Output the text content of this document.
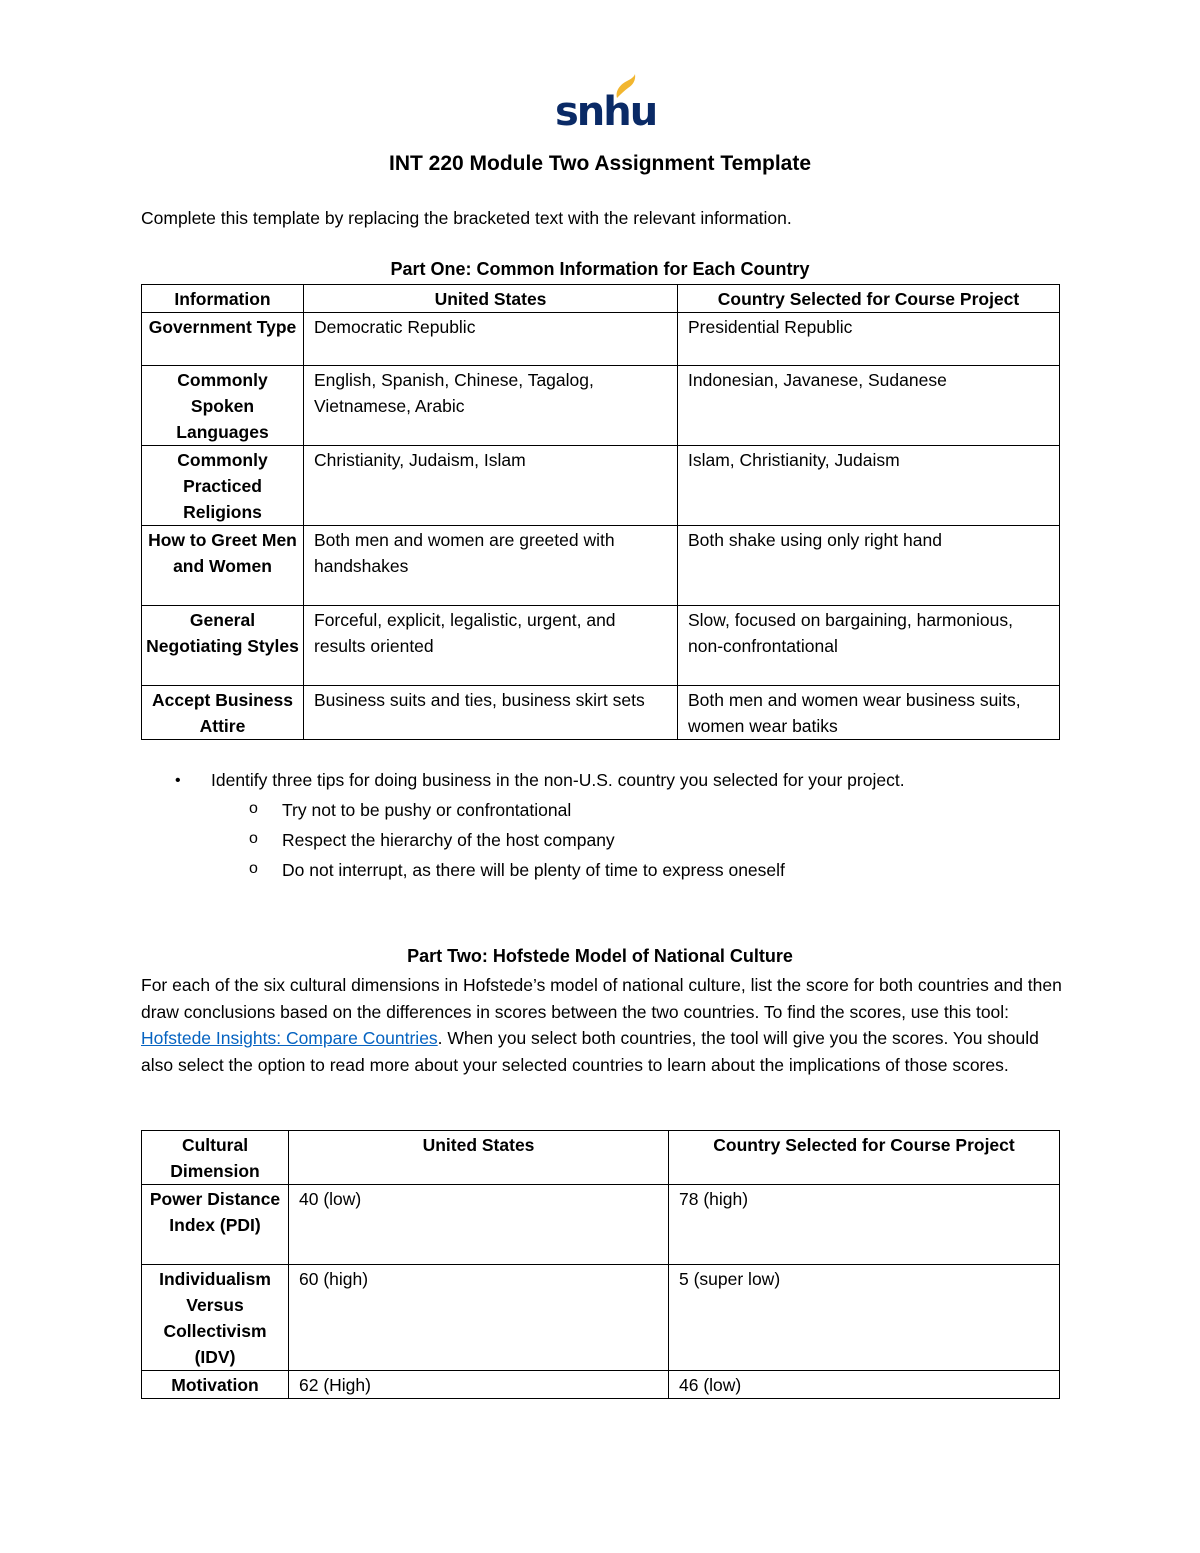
snhu
INT 220 Module Two Assignment Template

Complete this template by replacing the bracketed text with the relevant information.

Part One: Common Information for Each Country
Information	United States	Country Selected for Course Project
Government Type	Democratic Republic	Presidential Republic
Commonly Spoken Languages	English, Spanish, Chinese, Tagalog, Vietnamese, Arabic	Indonesian, Javanese, Sudanese
Commonly Practiced Religions	Christianity, Judaism, Islam	Islam, Christianity, Judaism
How to Greet Men and Women	Both men and women are greeted with handshakes	Both shake using only right hand
General Negotiating Styles	Forceful, explicit, legalistic, urgent, and results oriented	Slow, focused on bargaining, harmonious, non-confrontational
Accept Business Attire	Business suits and ties, business skirt sets	Both men and women wear business suits, women wear batiks
• Identify three tips for doing business in the non-U.S. country you selected for your project.
o Try not to be pushy or confrontational
o Respect the hierarchy of the host company
o Do not interrupt, as there will be plenty of time to express oneself
Part Two: Hofstede Model of National Culture

For each of the six cultural dimensions in Hofstede’s model of national culture, list the score for both countries and then draw conclusions based on the differences in scores between the two countries. To find the scores, use this tool: Hofstede Insights: Compare Countries. When you select both countries, the tool will give you the scores. You should also select the option to read more about your selected countries to learn about the implications of those scores.

Cultural Dimension	United States	Country Selected for Course Project
Power Distance Index (PDI)	40 (low)	78 (high)
Individualism Versus Collectivism (IDV)	60 (high)	5 (super low)
Motivation	62 (High)	46 (low)
